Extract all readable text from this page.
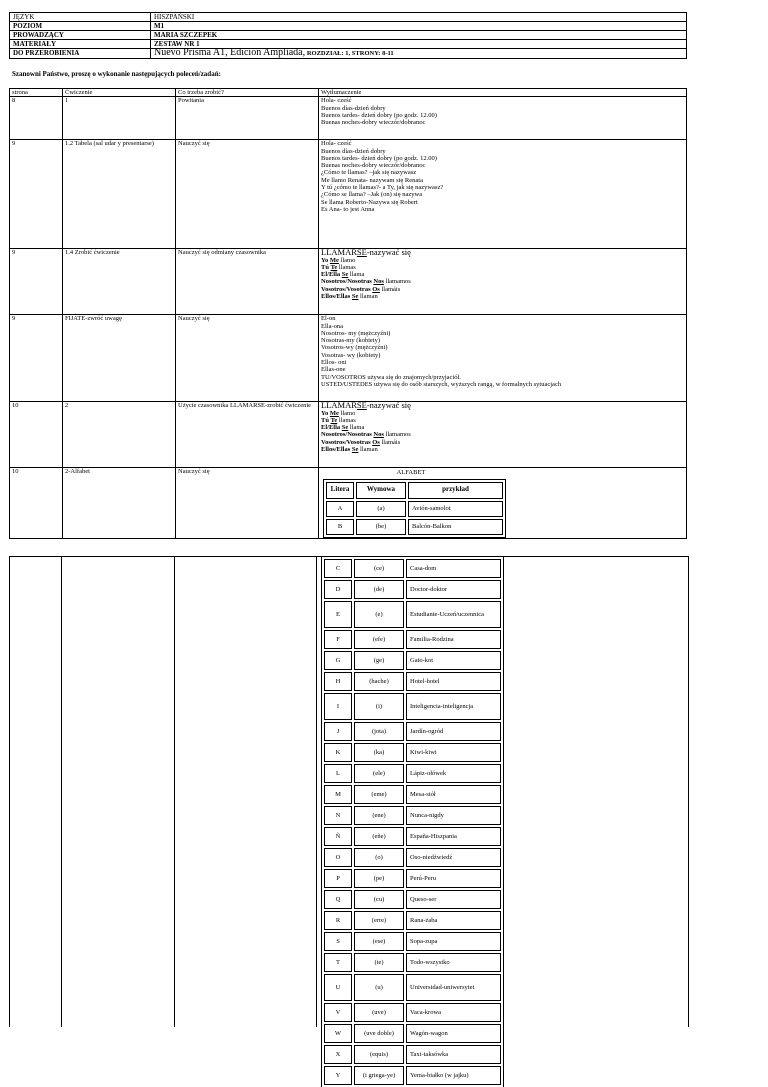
JĘZYK	HISZPAŃSKI
POZIOM	M1
PROWADZĄCY	MARIA SZCZEPEK
MATERIAŁY	ZESTAW NR 1
DO PRZEROBIENIA	Nuevo Prisma A1, Edicion Ampliada, ROZDZIAŁ: 1, STRONY: 8-11
Szanowni Państwo, proszę o wykonanie następujących poleceń/zadań:
strona	Ćwiczenie	Co trzeba zrobić?	Wytłumaczenie
8	1	Powitania	Hola- cześć
Buenos días-dzień dobry
Buenos tardes- dzień dobry (po godz. 12.00)
Buenas noches-dobry wieczór/dobranoc

9	1.2 Tabela (sal udar y presentarse)	Nauczyć się	Hola- cześć
Buenos días-dzień dobry
Buenos tardes- dzień dobry (po godz. 12.00)
Buenas noches-dobry wieczór/dobranoc
¿Cómo te llamas? –jak się nazywasz
Me llamo Renata- nazywam się Renata
Y tú ¿cómo te llamas?- a Ty, jak się nazywasz?
¿Cómo se llama? –Jak (on) się nazywa
Se llama Roberto-Nazywa się Robert
Es Ana- to jest Anna

9	1.4 Zrobić ćwiczenie	Nauczyć się odmiany czasownika	LLAMARSE-nazywać się
Yo Me llamo
Tú Te llamas
El/Ella Se llama
Nosotros/Nosotras Nos llamamos
Vosotros/Vosotras Os llamáis
Ellos/Ellas Se llaman

9	FIJATE-zwróć uwagę	Nauczyć się	El-on
Ella-ona
Nosotros- my (mężczyźni)
Nosotras-my (kobiety)
Vosotros-wy (mężczyźni)
Vosotras- wy (kobiety)
Ellos- oni
Ellas-one
TU/VOSOTROS używa się do znajomych/przyjaciół.
USTED/USTEDES używa się do osób starszych, wyższych rangą, w formalnych sytuacjach

10	2	Użycie czasownika LLAMARSE-zrobić ćwiczenie	LLAMARSE-nazywać się
Yo Me llamo
Tú Te llamas
El/Ella Se llama
Nosotros/Nosotras Nos llamamos
Vosotros/Vosotras Os llamáis
Ellos/Ellas Se llaman

10	2-Alfabet	Nauczyć się	ALFABET
Litera	Wymowa	przykład
A	(a)	Avión-samolot
B	(be)	Balcón-Balkon
C	(ce)	Casa-dom
D	(de)	Doctor-doktor
E	(e)	Estudiante-Uczeń/uczennica
F	(efe)	Familia-Rodzina
G	(ge)	Gato-kot
H	(hache)	Hotel-hotel
I	(i)	Inteligencia-inteligencja
J	(jota)	Jardín-ogród
K	(ka)	Kiwi-kiwi
L	(ele)	Lápiz-ołówek
M	(eme)	Mesa-stół
N	(ene)	Nunca-nigdy
Ñ	(eñe)	España-Hiszpania
O	(o)	Oso-niedźwiedź
P	(pe)	Perú-Peru
Q	(cu)	Queso-ser
R	(erre)	Rana-żaba
S	(ese)	Sopa-zupa
T	(te)	Todo-wszystko
U	(u)	Universidad-uniwersytet
V	(uve)	Vaca-krowa
W	(uve doble)	Wagón-wagon
X	(equis)	Taxi-taksówka
Y	(i griega-ye)	Yema-białko (w jajku)
